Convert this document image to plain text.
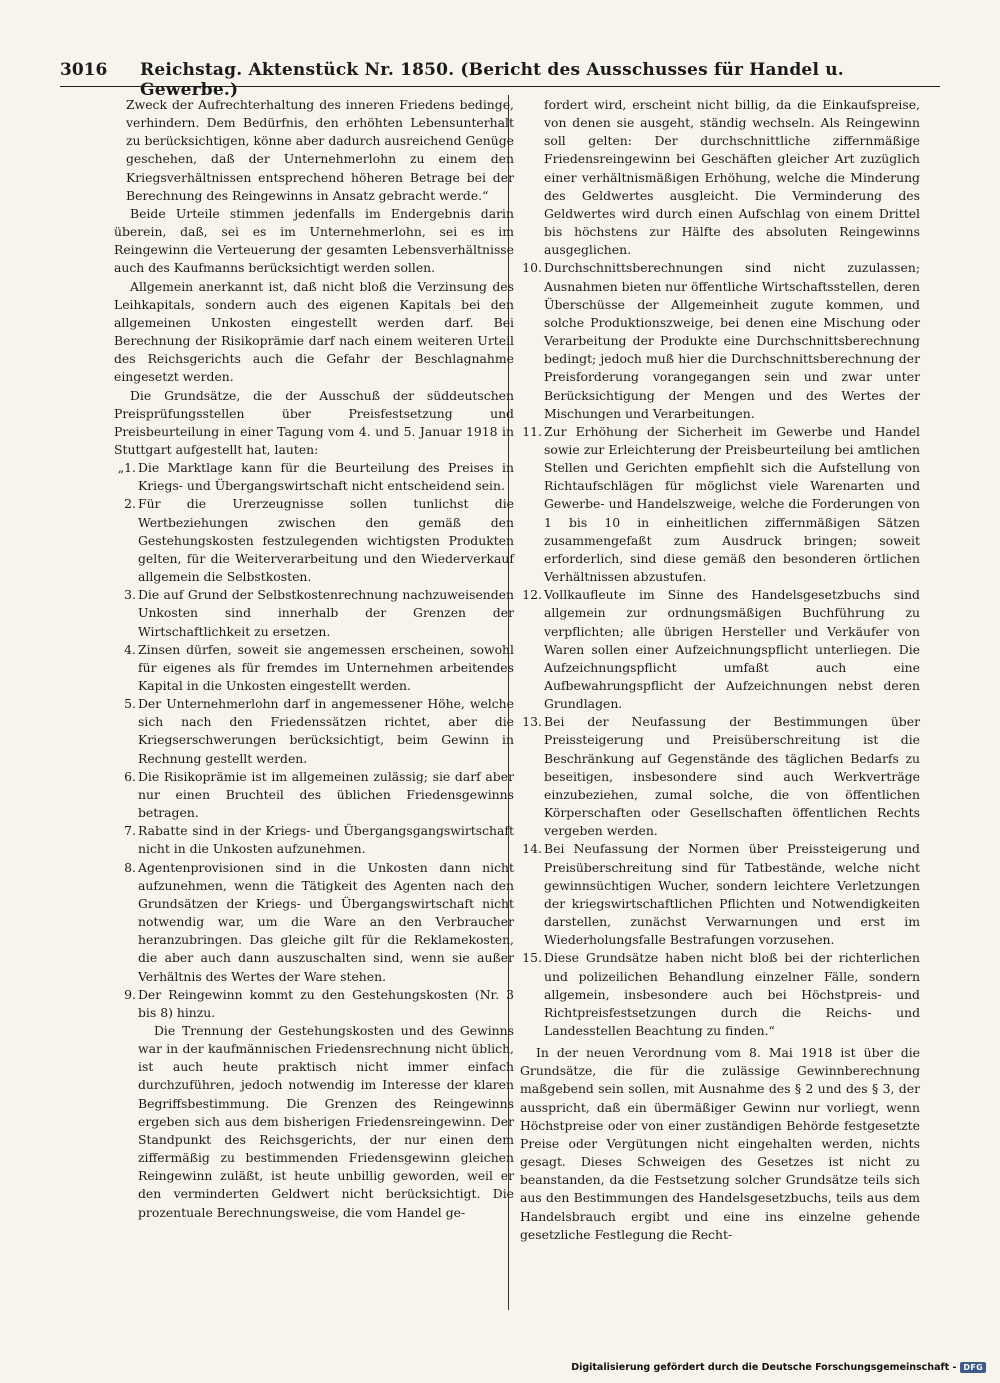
3016 Reichstag. Aktenstück Nr. 1850. (Bericht des Ausschusses für Handel u. Gewerbe.)

Zweck der Aufrechterhaltung des inneren Friedens bedinge, verhindern. Dem Bedürfnis, den erhöhten Lebensunterhalt zu berücksichtigen, könne aber dadurch ausreichend Genüge geschehen, daß der Unternehmerlohn zu einem den Kriegsverhältnissen entsprechend höheren Betrage bei der Berechnung des Reingewinns in Ansatz gebracht werde.“

Beide Urteile stimmen jedenfalls im Endergebnis darin überein, daß, sei es im Unternehmerlohn, sei es im Reingewinn die Verteuerung der gesamten Lebensverhältnisse auch des Kaufmanns berücksichtigt werden sollen.

Allgemein anerkannt ist, daß nicht bloß die Verzinsung des Leihkapitals, sondern auch des eigenen Kapitals bei den allgemeinen Unkosten eingestellt werden darf. Bei Berechnung der Risikoprämie darf nach einem weiteren Urteil des Reichsgerichts auch die Gefahr der Beschlagnahme eingesetzt werden.

Die Grundsätze, die der Ausschuß der süddeutschen Preisprüfungsstellen über Preisfestsetzung und Preisbeurteilung in einer Tagung vom 4. und 5. Januar 1918 in Stuttgart aufgestellt hat, lauten:

„1. Die Marktlage kann für die Beurteilung des Preises in Kriegs- und Übergangswirtschaft nicht entscheidend sein.

2. Für die Urerzeugnisse sollen tunlichst die Wertbeziehungen zwischen den gemäß den Gestehungskosten festzulegenden wichtigsten Produkten gelten, für die Weiterverarbeitung und den Wiederverkauf allgemein die Selbstkosten.

3. Die auf Grund der Selbstkostenrechnung nachzuweisenden Unkosten sind innerhalb der Grenzen der Wirtschaftlichkeit zu ersetzen.

4. Zinsen dürfen, soweit sie angemessen erscheinen, sowohl für eigenes als für fremdes im Unternehmen arbeitendes Kapital in die Unkosten eingestellt werden.

5. Der Unternehmerlohn darf in angemessener Höhe, welche sich nach den Friedenssätzen richtet, aber die Kriegserschwerungen berücksichtigt, beim Gewinn in Rechnung gestellt werden.

6. Die Risikoprämie ist im allgemeinen zulässig; sie darf aber nur einen Bruchteil des üblichen Friedensgewinns betragen.

7. Rabatte sind in der Kriegs- und Übergangsgangswirtschaft nicht in die Unkosten aufzunehmen.

8. Agentenprovisionen sind in die Unkosten dann nicht aufzunehmen, wenn die Tätigkeit des Agenten nach den Grundsätzen der Kriegs- und Übergangswirtschaft nicht notwendig war, um die Ware an den Verbraucher heranzubringen. Das gleiche gilt für die Reklamekosten, die aber auch dann auszuschalten sind, wenn sie außer Verhältnis des Wertes der Ware stehen.

9. Der Reingewinn kommt zu den Gestehungskosten (Nr. 3 bis 8) hinzu.

Die Trennung der Gestehungskosten und des Gewinns war in der kaufmännischen Friedensrechnung nicht üblich, ist auch heute praktisch nicht immer einfach durchzuführen, jedoch notwendig im Interesse der klaren Begriffsbestimmung. Die Grenzen des Reingewinns ergeben sich aus dem bisherigen Friedensreingewinn. Der Standpunkt des Reichsgerichts, der nur einen dem ziffermäßig zu bestimmenden Friedensgewinn gleichen Reingewinn zuläßt, ist heute unbillig geworden, weil er den verminderten Geldwert nicht berücksichtigt. Die prozentuale Berechnungsweise, die vom Handel ge-

fordert wird, erscheint nicht billig, da die Einkaufspreise, von denen sie ausgeht, ständig wechseln. Als Reingewinn soll gelten: Der durchschnittliche ziffernmäßige Friedensreingewinn bei Geschäften gleicher Art zuzüglich einer verhältnismäßigen Erhöhung, welche die Minderung des Geldwertes ausgleicht. Die Verminderung des Geldwertes wird durch einen Aufschlag von einem Drittel bis höchstens zur Hälfte des absoluten Reingewinns ausgeglichen.

10. Durchschnittsberechnungen sind nicht zuzulassen; Ausnahmen bieten nur öffentliche Wirtschaftsstellen, deren Überschüsse der Allgemeinheit zugute kommen, und solche Produktionszweige, bei denen eine Mischung oder Verarbeitung der Produkte eine Durchschnittsberechnung bedingt; jedoch muß hier die Durchschnittsberechnung der Preisforderung vorangegangen sein und zwar unter Berücksichtigung der Mengen und des Wertes der Mischungen und Verarbeitungen.

11. Zur Erhöhung der Sicherheit im Gewerbe und Handel sowie zur Erleichterung der Preisbeurteilung bei amtlichen Stellen und Gerichten empfiehlt sich die Aufstellung von Richtaufschlägen für möglichst viele Warenarten und Gewerbe- und Handelszweige, welche die Forderungen von 1 bis 10 in einheitlichen ziffernmäßigen Sätzen zusammengefaßt zum Ausdruck bringen; soweit erforderlich, sind diese gemäß den besonderen örtlichen Verhältnissen abzustufen.

12. Vollkaufleute im Sinne des Handelsgesetzbuchs sind allgemein zur ordnungsmäßigen Buchführung zu verpflichten; alle übrigen Hersteller und Verkäufer von Waren sollen einer Aufzeichnungspflicht unterliegen. Die Aufzeichnungspflicht umfaßt auch eine Aufbewahrungspflicht der Aufzeichnungen nebst deren Grundlagen.

13. Bei der Neufassung der Bestimmungen über Preissteigerung und Preisüberschreitung ist die Beschränkung auf Gegenstände des täglichen Bedarfs zu beseitigen, insbesondere sind auch Werkverträge einzubeziehen, zumal solche, die von öffentlichen Körperschaften oder Gesellschaften öffentlichen Rechts vergeben werden.

14. Bei Neufassung der Normen über Preissteigerung und Preisüberschreitung sind für Tatbestände, welche nicht gewinnsüchtigen Wucher, sondern leichtere Verletzungen der kriegswirtschaftlichen Pflichten und Notwendigkeiten darstellen, zunächst Verwarnungen und erst im Wiederholungsfalle Bestrafungen vorzusehen.

15. Diese Grundsätze haben nicht bloß bei der richterlichen und polizeilichen Behandlung einzelner Fälle, sondern allgemein, insbesondere auch bei Höchstpreis- und Richtpreisfestsetzungen durch die Reichs- und Landesstellen Beachtung zu finden.“

In der neuen Verordnung vom 8. Mai 1918 ist über die Grundsätze, die für die zulässige Gewinnberechnung maßgebend sein sollen, mit Ausnahme des § 2 und des § 3, der ausspricht, daß ein übermäßiger Gewinn nur vorliegt, wenn Höchstpreise oder von einer zuständigen Behörde festgesetzte Preise oder Vergütungen nicht eingehalten werden, nichts gesagt. Dieses Schweigen des Gesetzes ist nicht zu beanstanden, da die Festsetzung solcher Grundsätze teils sich aus den Bestimmungen des Handelsgesetzbuchs, teils aus dem Handelsbrauch ergibt und eine ins einzelne gehende gesetzliche Festlegung die Recht-

Digitalisierung gefördert durch die Deutsche Forschungsgemeinschaft - DFG
